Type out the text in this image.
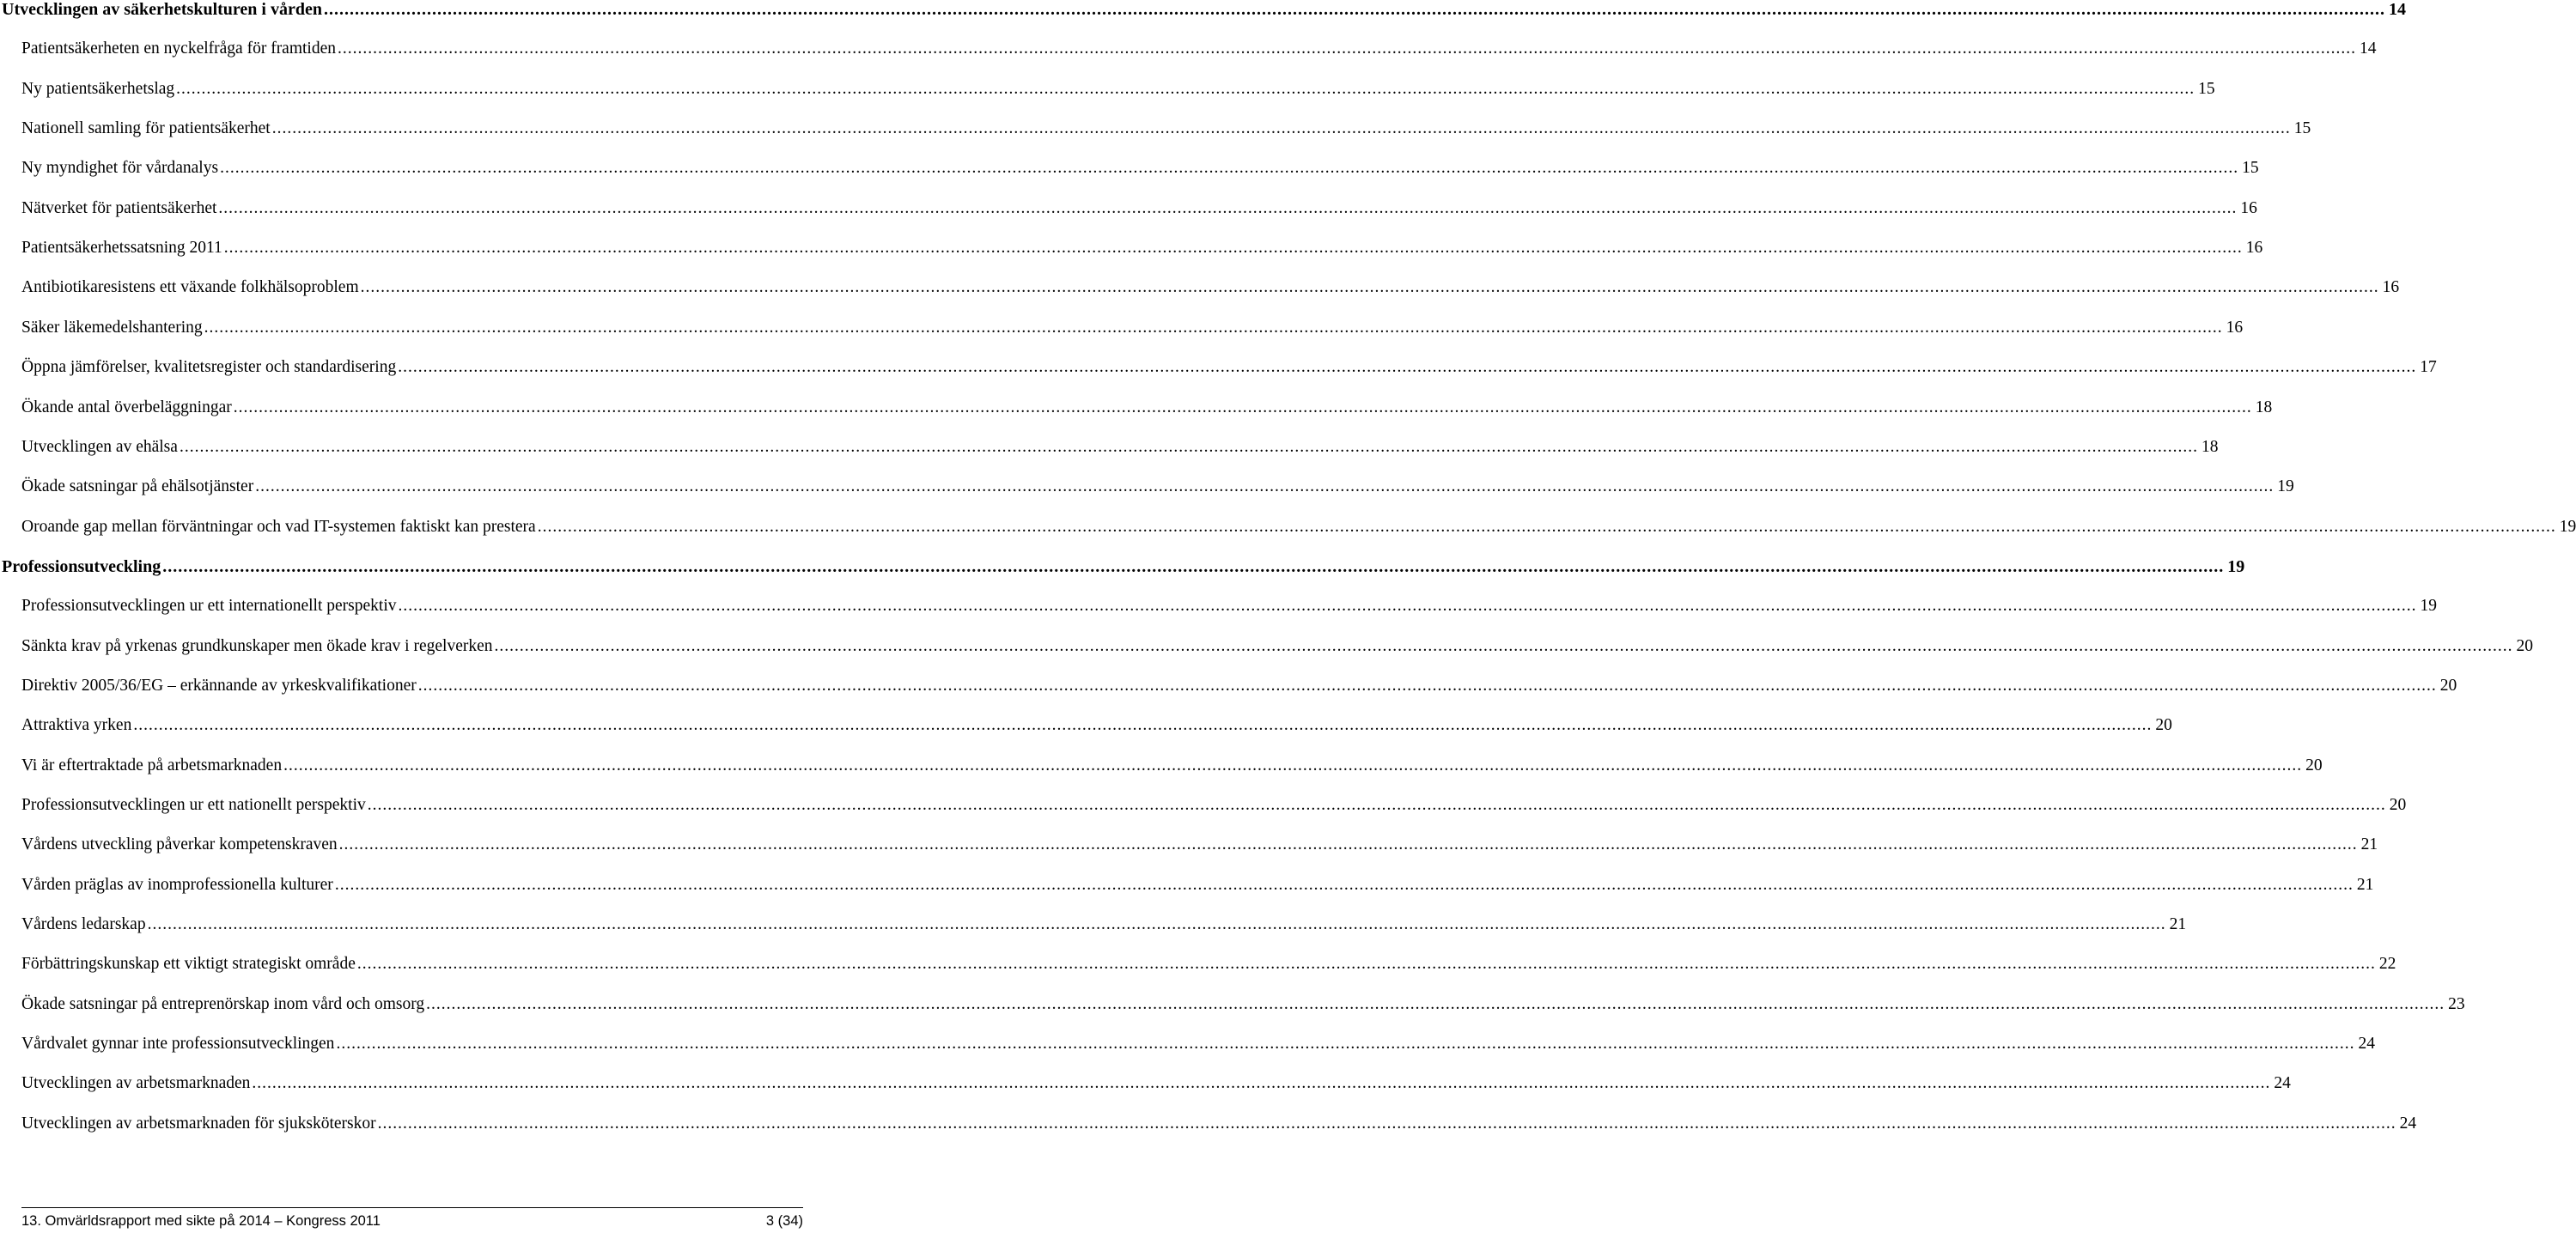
Utvecklingen av säkerhetskulturen i vården ................................................................................................................................................................................................................................................................................................................................................................................................................ 14
Patientsäkerheten en nyckelfråga för framtiden ................................................................................................................................................................................................................................................................................................................................................................................................................ 14
Ny patientsäkerhetslag ................................................................................................................................................................................................................................................................................................................................................................................................................ 15
Nationell samling för patientsäkerhet ................................................................................................................................................................................................................................................................................................................................................................................................................ 15
Ny myndighet för vårdanalys ................................................................................................................................................................................................................................................................................................................................................................................................................ 15
Nätverket för patientsäkerhet ................................................................................................................................................................................................................................................................................................................................................................................................................ 16
Patientsäkerhetssatsning 2011 ................................................................................................................................................................................................................................................................................................................................................................................................................ 16
Antibiotikaresistens ett växande folkhälsoproblem ................................................................................................................................................................................................................................................................................................................................................................................................................ 16
Säker läkemedelshantering ................................................................................................................................................................................................................................................................................................................................................................................................................ 16
Öppna jämförelser, kvalitetsregister och standardisering ................................................................................................................................................................................................................................................................................................................................................................................................................ 17
Ökande antal överbeläggningar ................................................................................................................................................................................................................................................................................................................................................................................................................ 18
Utvecklingen av ehälsa ................................................................................................................................................................................................................................................................................................................................................................................................................ 18
Ökade satsningar på ehälsotjänster ................................................................................................................................................................................................................................................................................................................................................................................................................ 19
Oroande gap mellan förväntningar och vad IT-systemen faktiskt kan prestera ................................................................................................................................................................................................................................................................................................................................................................................................................ 19
Professionsutveckling ................................................................................................................................................................................................................................................................................................................................................................................................................ 19
Professionsutvecklingen ur ett internationellt perspektiv ................................................................................................................................................................................................................................................................................................................................................................................................................ 19
Sänkta krav på yrkenas grundkunskaper men ökade krav i regelverken ................................................................................................................................................................................................................................................................................................................................................................................................................ 20
Direktiv 2005/36/EG – erkännande av yrkeskvalifikationer ................................................................................................................................................................................................................................................................................................................................................................................................................ 20
Attraktiva yrken ................................................................................................................................................................................................................................................................................................................................................................................................................ 20
Vi är eftertraktade på arbetsmarknaden ................................................................................................................................................................................................................................................................................................................................................................................................................ 20
Professionsutvecklingen ur ett nationellt perspektiv ................................................................................................................................................................................................................................................................................................................................................................................................................ 20
Vårdens utveckling påverkar kompetenskraven ................................................................................................................................................................................................................................................................................................................................................................................................................ 21
Vården präglas av inomprofessionella kulturer ................................................................................................................................................................................................................................................................................................................................................................................................................ 21
Vårdens ledarskap ................................................................................................................................................................................................................................................................................................................................................................................................................ 21
Förbättringskunskap ett viktigt strategiskt område ................................................................................................................................................................................................................................................................................................................................................................................................................ 22
Ökade satsningar på entreprenörskap inom vård och omsorg ................................................................................................................................................................................................................................................................................................................................................................................................................ 23
Vårdvalet gynnar inte professionsutvecklingen ................................................................................................................................................................................................................................................................................................................................................................................................................ 24
Utvecklingen av arbetsmarknaden ................................................................................................................................................................................................................................................................................................................................................................................................................ 24
Utvecklingen av arbetsmarknaden för sjuksköterskor ................................................................................................................................................................................................................................................................................................................................................................................................................ 24
13. Omvärldsrapport med sikte på 2014 – Kongress 2011	3 (34)
